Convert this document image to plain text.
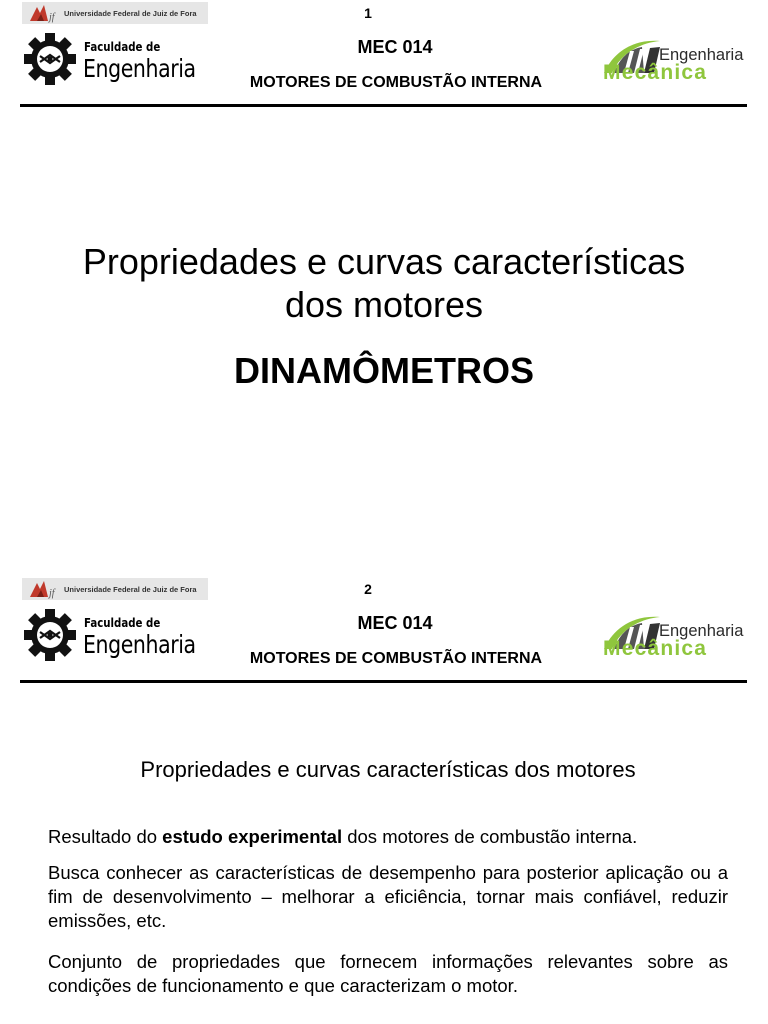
jf Universidade Federal de Juiz de Fora	1
Faculdade de
Engenharia
MEC 014
MOTORES DE COMBUSTÃO INTERNA
Engenharia
Mecânica
Propriedades e curvas características
dos motores
DINAMÔMETROS
jf Universidade Federal de Juiz de Fora	2
Faculdade de
Engenharia
MEC 014
MOTORES DE COMBUSTÃO INTERNA
Engenharia
Mecânica
Propriedades e curvas características dos motores
Resultado do estudo experimental dos motores de combustão interna.
Busca conhecer as características de desempenho para posterior aplicação ou a fim de desenvolvimento – melhorar a eficiência, tornar mais confiável, reduzir emissões, etc.
Conjunto de propriedades que fornecem informações relevantes sobre as condições de funcionamento e que caracterizam o motor.
